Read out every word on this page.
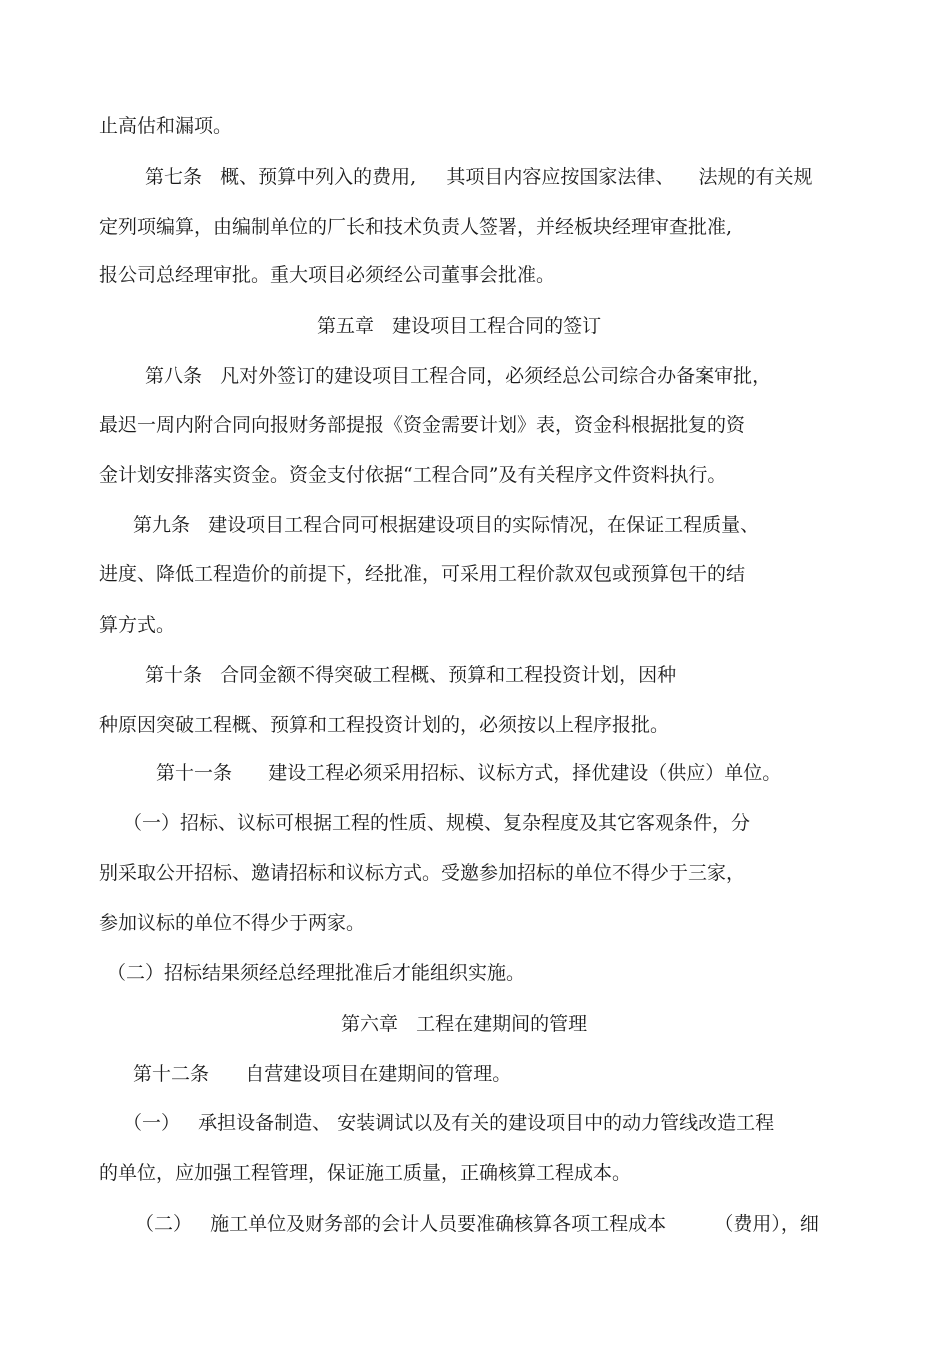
止高估和漏项。

第七条   概、预算中列入的费用,     其项目内容应按国家法律、    法规的有关规

定列项编算，由编制单位的厂长和技术负责人签署，并经板块经理审查批准,

报公司总经理审批。重大项目必须经公司董事会批准。

第五章   建设项目工程合同的签订

第八条   凡对外签订的建设项目工程合同，必须经总公司综合办备案审批，

最迟一周内附合同向报财务部提报《资金需要计划》表，资金科根据批复的资

金计划安排落实资金。资金支付依据“工程合同”及有关程序文件资料执行。

第九条   建设项目工程合同可根据建设项目的实际情况，在保证工程质量、

进度、降低工程造价的前提下，经批准，可采用工程价款双包或预算包干的结

算方式。

第十条   合同金额不得突破工程概、预算和工程投资计划，因种

种原因突破工程概、预算和工程投资计划的，必须按以上程序报批。

第十一条      建设工程必须采用招标、议标方式，择优建设（供应）单位。

（一）招标、议标可根据工程的性质、规模、复杂程度及其它客观条件，分

别采取公开招标、邀请招标和议标方式。受邀参加招标的单位不得少于三家，

参加议标的单位不得少于两家。

（二）招标结果须经总经理批准后才能组织实施。

第六章   工程在建期间的管理

第十二条      自营建设项目在建期间的管理。

（一）   承担设备制造、 安装调试以及有关的建设项目中的动力管线改造工程

的单位，应加强工程管理，保证施工质量，正确核算工程成本。

（二）   施工单位及财务部的会计人员要准确核算各项工程成本        （费用），细
